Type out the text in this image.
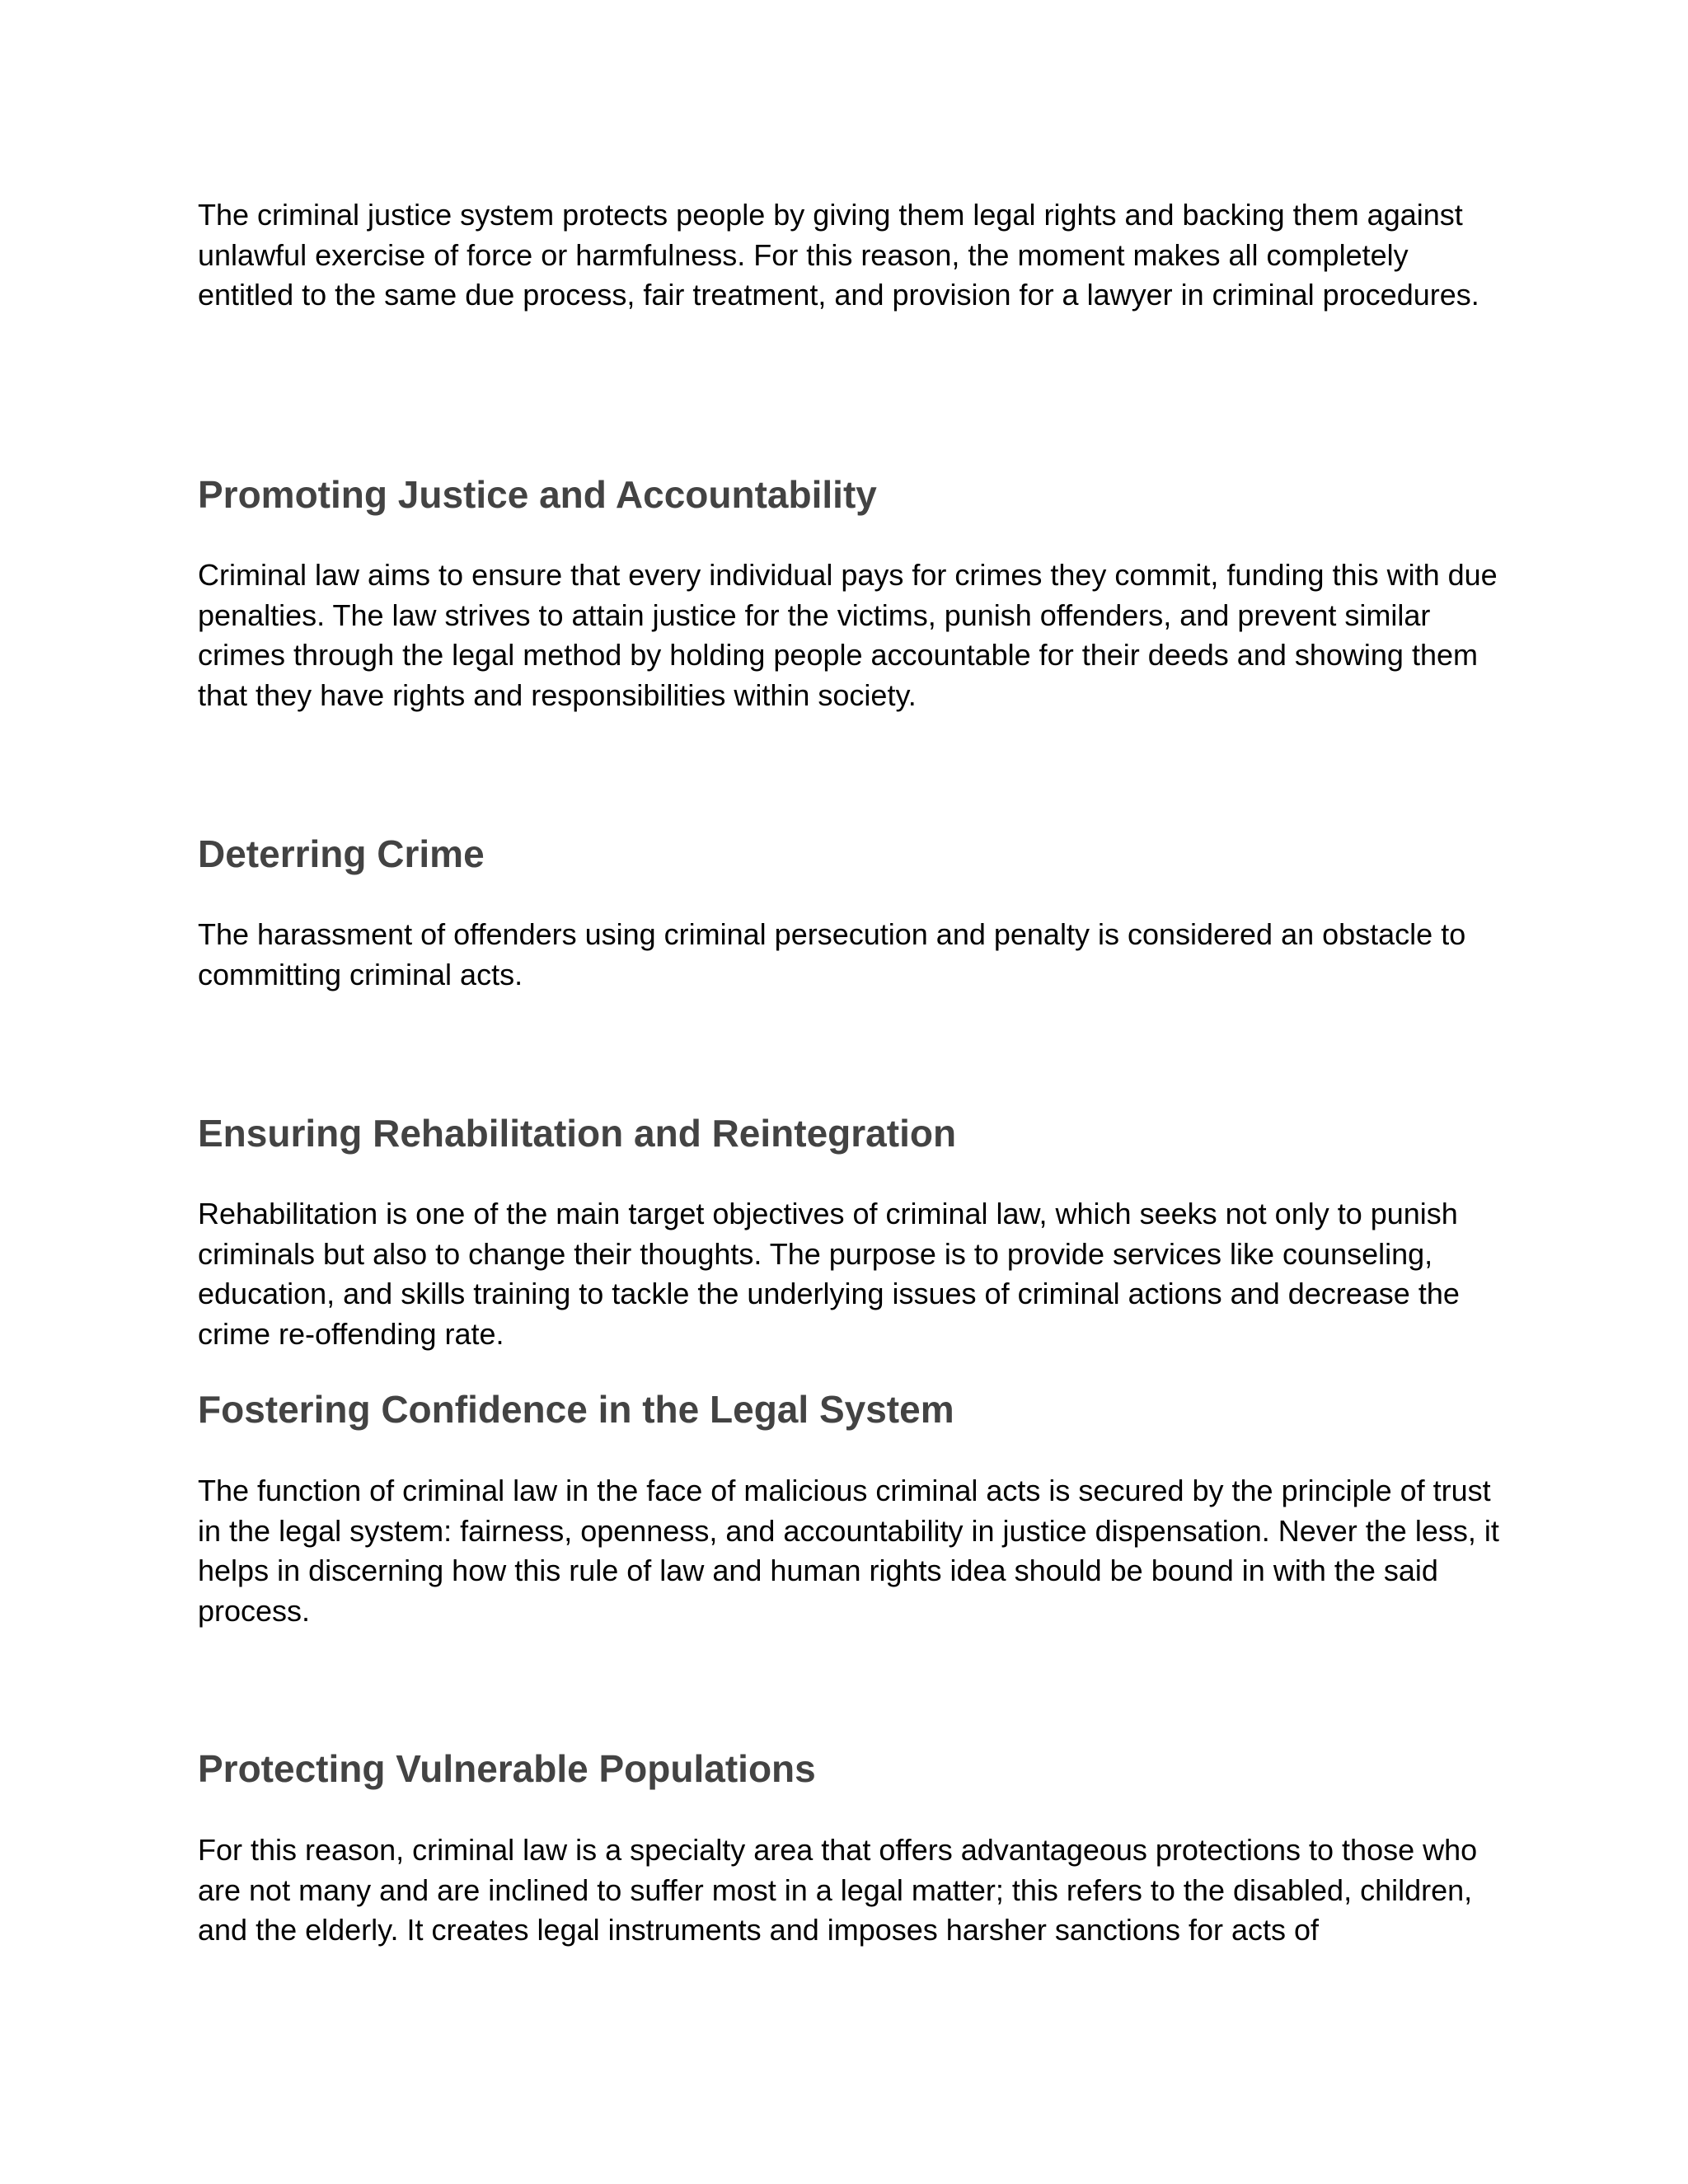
The criminal justice system protects people by giving them legal rights and backing them against unlawful exercise of force or harmfulness. For this reason, the moment makes all completely entitled to the same due process, fair treatment, and provision for a lawyer in criminal procedures.

Promoting Justice and Accountability

Criminal law aims to ensure that every individual pays for crimes they commit, funding this with due penalties. The law strives to attain justice for the victims, punish offenders, and prevent similar crimes through the legal method by holding people accountable for their deeds and showing them that they have rights and responsibilities within society.

Deterring Crime

The harassment of offenders using criminal persecution and penalty is considered an obstacle to committing criminal acts.

Ensuring Rehabilitation and Reintegration

Rehabilitation is one of the main target objectives of criminal law, which seeks not only to punish criminals but also to change their thoughts. The purpose is to provide services like counseling, education, and skills training to tackle the underlying issues of criminal actions and decrease the crime re-offending rate.

Fostering Confidence in the Legal System

The function of criminal law in the face of malicious criminal acts is secured by the principle of trust in the legal system: fairness, openness, and accountability in justice dispensation. Never the less, it helps in discerning how this rule of law and human rights idea should be bound in with the said process.

Protecting Vulnerable Populations

For this reason, criminal law is a specialty area that offers advantageous protections to those who are not many and are inclined to suffer most in a legal matter; this refers to the disabled, children, and the elderly. It creates legal instruments and imposes harsher sanctions for acts of
